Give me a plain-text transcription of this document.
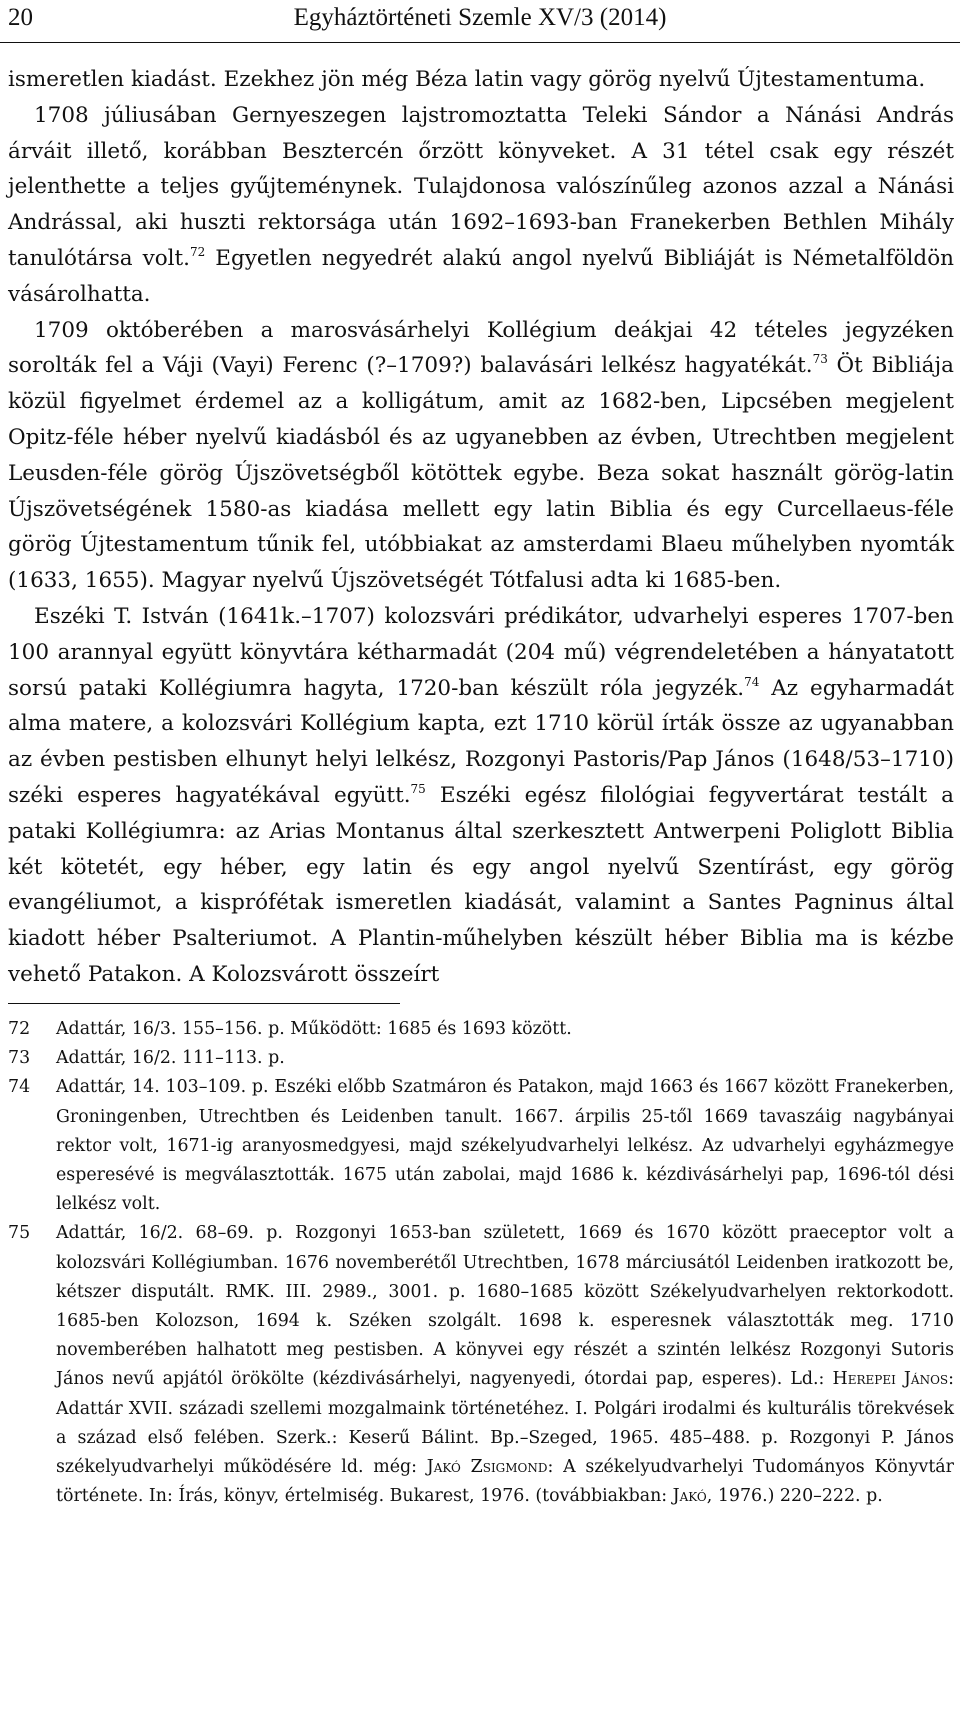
20	Egyháztörténeti Szemle XV/3 (2014)

ismeretlen kiadást. Ezekhez jön még Béza latin vagy görög nyelvű Újtestamentuma.

1708 júliusában Gernyeszegen lajstromoztatta Teleki Sándor a Nánási András árváit illető, korábban Besztercén őrzött könyveket. A 31 tétel csak egy részét jelenthette a teljes gyűjteménynek. Tulajdonosa valószínűleg azonos azzal a Nánási Andrással, aki huszti rektorsága után 1692–1693-ban Franekerben Bethlen Mihály tanulótársa volt.$^{72}$ Egyetlen negyedrét alakú angol nyelvű Bibliáját is Németalföldön vásárolhatta.

1709 októberében a marosvásárhelyi Kollégium deákjai 42 tételes jegyzéken sorolták fel a Váji (Vayi) Ferenc (?–1709?) balavásári lelkész hagyatékát.$^{73}$ Öt Bibliája közül figyelmet érdemel az a kolligátum, amit az 1682-ben, Lipcsében megjelent Opitz-féle héber nyelvű kiadásból és az ugyanebben az évben, Utrechtben megjelent Leusden-féle görög Újszövetségből kötöttek egybe. Beza sokat használt görög-latin Újszövetségének 1580-as kiadása mellett egy latin Biblia és egy Curcellaeus-féle görög Újtestamentum tűnik fel, utóbbiakat az amsterdami Blaeu műhelyben nyomták (1633, 1655). Magyar nyelvű Újszövetségét Tótfalusi adta ki 1685-ben.

Eszéki T. István (1641k.–1707) kolozsvári prédikátor, udvarhelyi esperes 1707-ben 100 arannyal együtt könyvtára kétharmadát (204 mű) végrendeletében a hányatatott sorsú pataki Kollégiumra hagyta, 1720-ban készült róla jegyzék.$^{74}$ Az egyharmadát alma matere, a kolozsvári Kollégium kapta, ezt 1710 körül írták össze az ugyanabban az évben pestisben elhunyt helyi lelkész, Rozgonyi Pastoris/Pap János (1648/53–1710) széki esperes hagyatékával együtt.$^{75}$ Eszéki egész filológiai fegyvertárat testált a pataki Kollégiumra: az Arias Montanus által szerkesztett Antwerpeni Poliglott Biblia két kötetét, egy héber, egy latin és egy angol nyelvű Szentírást, egy görög evangéliumot, a kisprófétak ismeretlen kiadását, valamint a Santes Pagninus által kiadott héber Psalteriumot. A Plantin-műhelyben készült héber Biblia ma is kézbe vehető Patakon. A Kolozsvárott összeírt

72 Adattár, 16/3. 155–156. p. Működött: 1685 és 1693 között.
73 Adattár, 16/2. 111–113. p.
74 Adattár, 14. 103–109. p. Eszéki előbb Szatmáron és Patakon, majd 1663 és 1667 között Franekerben, Groningenben, Utrechtben és Leidenben tanult. 1667. árpilis 25-től 1669 tavaszáig nagybányai rektor volt, 1671-ig aranyosmedgyesi, majd székelyudvarhelyi lelkész. Az udvarhelyi egyházmegye esperesévé is megválasztották. 1675 után zabolai, majd 1686 k. kézdivásárhelyi pap, 1696-tól dési lelkész volt.
75 Adattár, 16/2. 68–69. p. Rozgonyi 1653-ban született, 1669 és 1670 között praeceptor volt a kolozsvári Kollégiumban. 1676 novemberétől Utrechtben, 1678 márciusától Leidenben iratkozott be, kétszer disputált. RMK. III. 2989., 3001. p. 1680–1685 között Székelyudvarhelyen rektorkodott. 1685-ben Kolozson, 1694 k. Széken szolgált. 1698 k. esperesnek választották meg. 1710 novemberében halhatott meg pestisben. A könyvei egy részét a szintén lelkész Rozgonyi Sutoris János nevű apjától örökölte (kézdivásárhelyi, nagyenyedi, ótordai pap, esperes). Ld.: Herepei János: Adattár XVII. századi szellemi mozgalmaink történetéhez. I. Polgári irodalmi és kulturális törekvések a század első felében. Szerk.: Keserű Bálint. Bp.–Szeged, 1965. 485–488. p. Rozgonyi P. János székelyudvarhelyi működésére ld. még: Jakó Zsigmond: A székelyudvarhelyi Tudományos Könyvtár története. In: Írás, könyv, értelmiség. Bukarest, 1976. (továbbiakban: Jakó, 1976.) 220–222. p.
